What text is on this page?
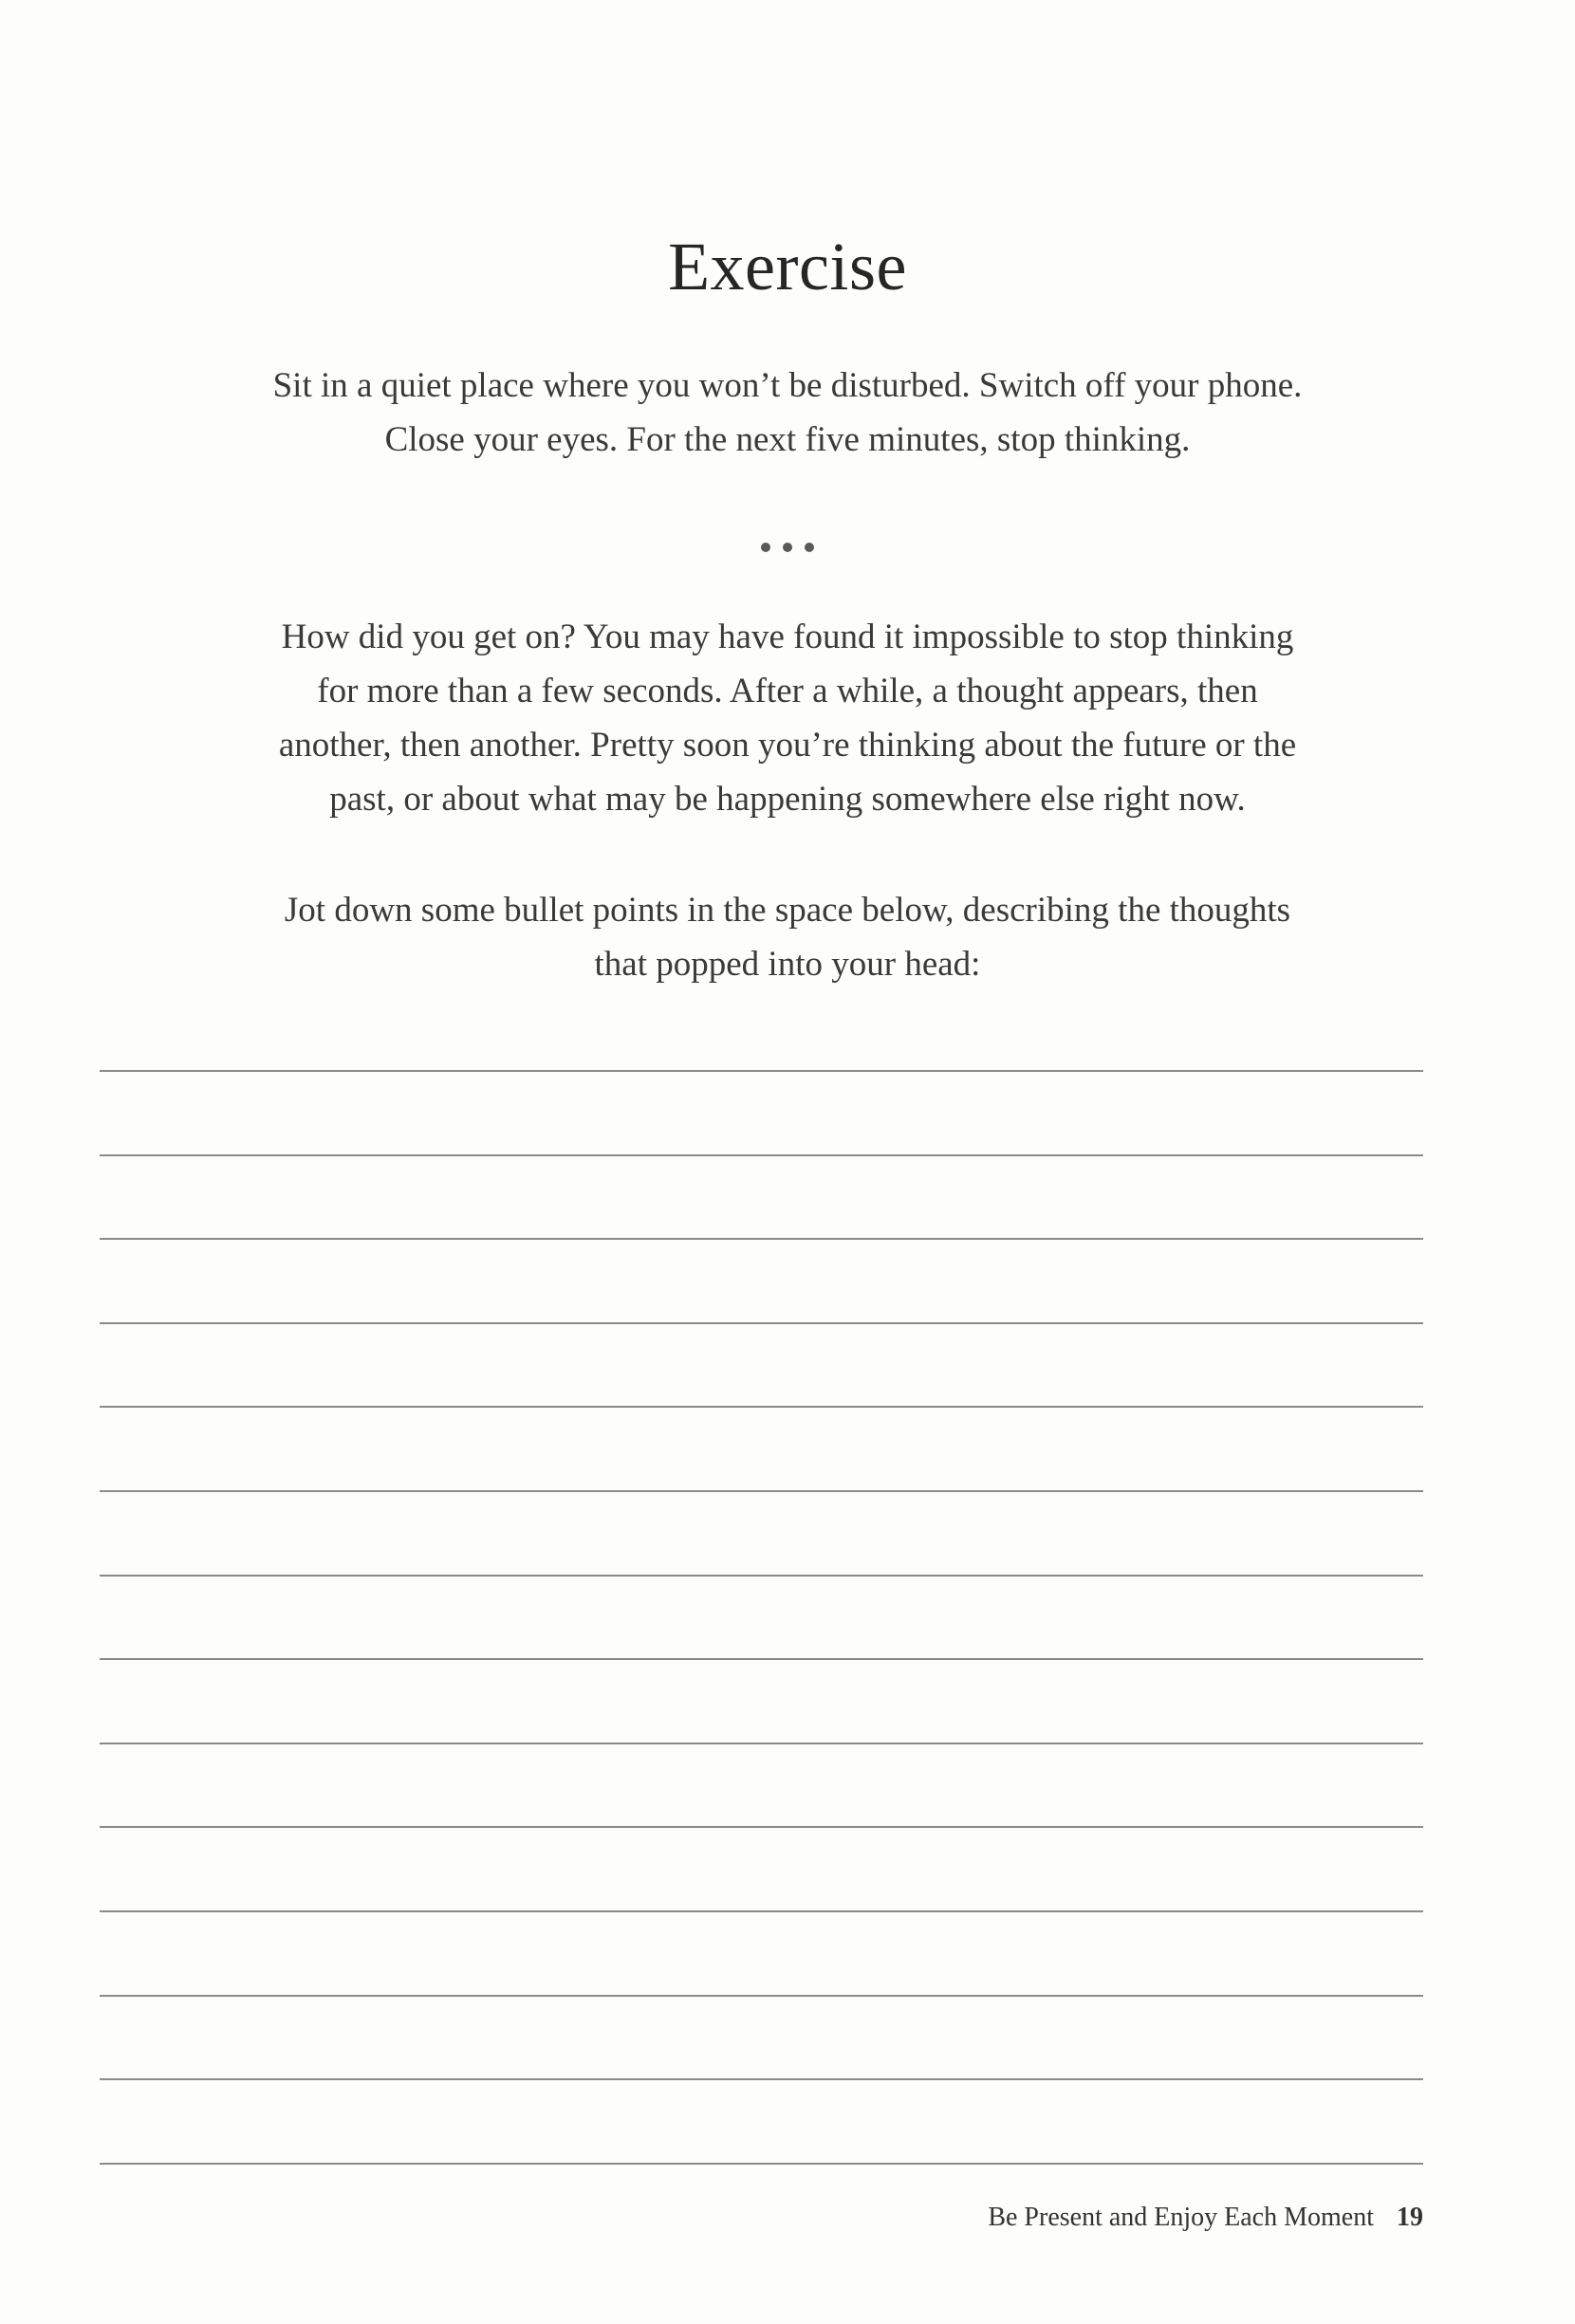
Exercise
Sit in a quiet place where you won’t be disturbed. Switch off your phone.
Close your eyes. For the next five minutes, stop thinking.

How did you get on? You may have found it impossible to stop thinking
for more than a few seconds. After a while, a thought appears, then
another, then another. Pretty soon you’re thinking about the future or the
past, or about what may be happening somewhere else right now.
Jot down some bullet points in the space below, describing the thoughts
that popped into your head:
Be Present and Enjoy Each Moment 19
